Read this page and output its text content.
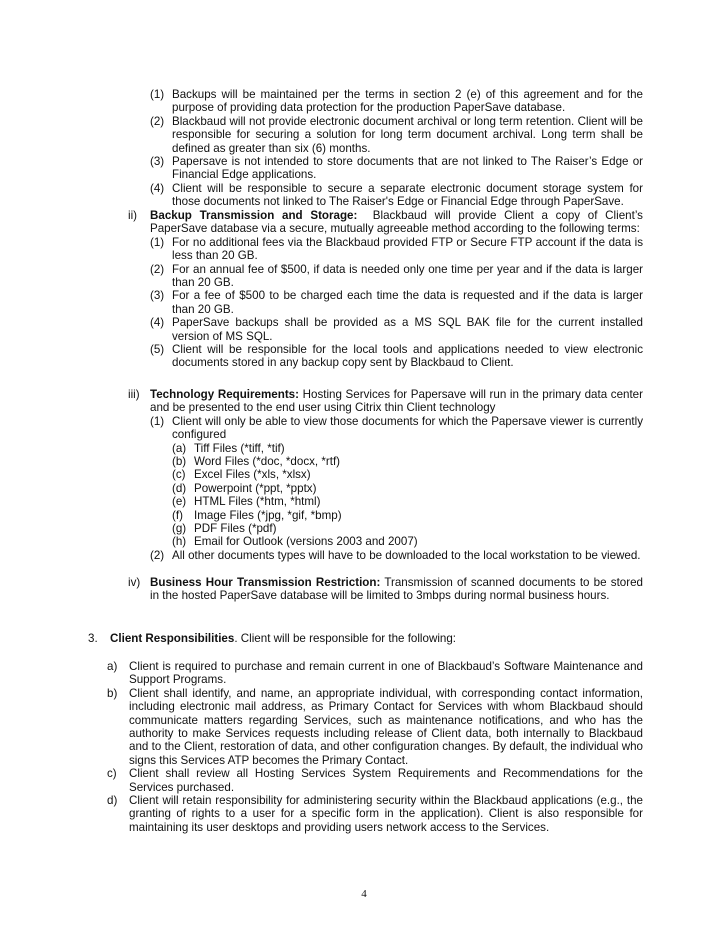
(1) Backups will be maintained per the terms in section 2 (e) of this agreement and for the purpose of providing data protection for the production PaperSave database.
(2) Blackbaud will not provide electronic document archival or long term retention. Client will be responsible for securing a solution for long term document archival. Long term shall be defined as greater than six (6) months.
(3) Papersave is not intended to store documents that are not linked to The Raiser’s Edge or Financial Edge applications.
(4) Client will be responsible to secure a separate electronic document storage system for those documents not linked to The Raiser's Edge or Financial Edge through PaperSave.
ii) Backup Transmission and Storage: Blackbaud will provide Client a copy of Client’s PaperSave database via a secure, mutually agreeable method according to the following terms:
(1) For no additional fees via the Blackbaud provided FTP or Secure FTP account if the data is less than 20 GB.
(2) For an annual fee of $500, if data is needed only one time per year and if the data is larger than 20 GB.
(3) For a fee of $500 to be charged each time the data is requested and if the data is larger than 20 GB.
(4) PaperSave backups shall be provided as a MS SQL BAK file for the current installed version of MS SQL.
(5) Client will be responsible for the local tools and applications needed to view electronic documents stored in any backup copy sent by Blackbaud to Client.
iii) Technology Requirements: Hosting Services for Papersave will run in the primary data center and be presented to the end user using Citrix thin Client technology
(1) Client will only be able to view those documents for which the Papersave viewer is currently configured
(a) Tiff Files (*tiff, *tif)
(b) Word Files (*doc, *docx, *rtf)
(c) Excel Files (*xls, *xlsx)
(d) Powerpoint (*ppt, *pptx)
(e) HTML Files (*htm, *html)
(f) Image Files (*jpg, *gif, *bmp)
(g) PDF Files (*pdf)
(h) Email for Outlook (versions 2003 and 2007)
(2) All other documents types will have to be downloaded to the local workstation to be viewed.
iv) Business Hour Transmission Restriction: Transmission of scanned documents to be stored in the hosted PaperSave database will be limited to 3mbps during normal business hours.
3. Client Responsibilities. Client will be responsible for the following:
a) Client is required to purchase and remain current in one of Blackbaud’s Software Maintenance and Support Programs.
b) Client shall identify, and name, an appropriate individual, with corresponding contact information, including electronic mail address, as Primary Contact for Services with whom Blackbaud should communicate matters regarding Services, such as maintenance notifications, and who has the authority to make Services requests including release of Client data, both internally to Blackbaud and to the Client, restoration of data, and other configuration changes. By default, the individual who signs this Services ATP becomes the Primary Contact.
c) Client shall review all Hosting Services System Requirements and Recommendations for the Services purchased.
d) Client will retain responsibility for administering security within the Blackbaud applications (e.g., the granting of rights to a user for a specific form in the application). Client is also responsible for maintaining its user desktops and providing users network access to the Services.
4
